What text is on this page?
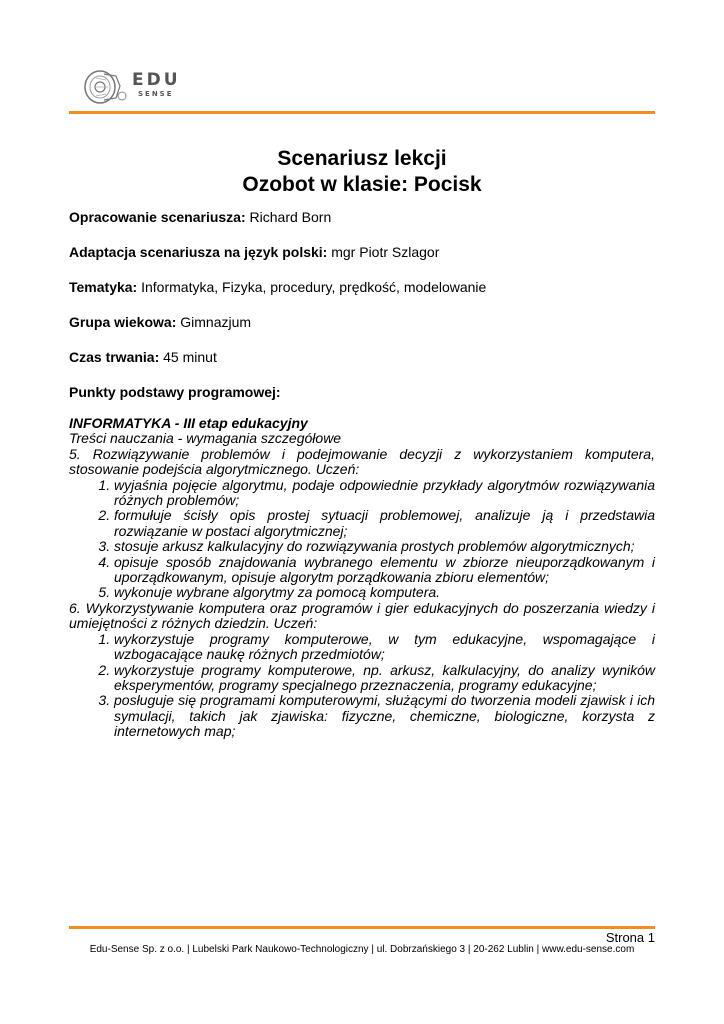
EDU
SENSE
Scenariusz lekcji
Ozobot w klasie: Pocisk
Opracowanie scenariusza: Richard Born
Adaptacja scenariusza na język polski: mgr Piotr Szlagor
Tematyka: Informatyka, Fizyka, procedury, prędkość, modelowanie
Grupa wiekowa: Gimnazjum
Czas trwania: 45 minut
Punkty podstawy programowej:
INFORMATYKA - III etap edukacyjny
Treści nauczania - wymagania szczegółowe
5. Rozwiązywanie problemów i podejmowanie decyzji z wykorzystaniem komputera, stosowanie podejścia algorytmicznego. Uczeń:
1. wyjaśnia pojęcie algorytmu, podaje odpowiednie przykłady algorytmów rozwiązywania różnych problemów;
2. formułuje ścisły opis prostej sytuacji problemowej, analizuje ją i przedstawia rozwiązanie w postaci algorytmicznej;
3. stosuje arkusz kalkulacyjny do rozwiązywania prostych problemów algorytmicznych;
4. opisuje sposób znajdowania wybranego elementu w zbiorze nieuporządkowanym i uporządkowanym, opisuje algorytm porządkowania zbioru elementów;
5. wykonuje wybrane algorytmy za pomocą komputera.
6. Wykorzystywanie komputera oraz programów i gier edukacyjnych do poszerzania wiedzy i umiejętności z różnych dziedzin. Uczeń:
1. wykorzystuje programy komputerowe, w tym edukacyjne, wspomagające i wzbogacające naukę różnych przedmiotów;
2. wykorzystuje programy komputerowe, np. arkusz, kalkulacyjny, do analizy wyników eksperymentów, programy specjalnego przeznaczenia, programy edukacyjne;
3. posługuje się programami komputerowymi, służącymi do tworzenia modeli zjawisk i ich symulacji, takich jak zjawiska: fizyczne, chemiczne, biologiczne, korzysta z internetowych map;
Strona 1
Edu-Sense Sp. z o.o. | Lubelski Park Naukowo-Technologiczny | ul. Dobrzańskiego 3 | 20-262 Lublin | www.edu-sense.com
